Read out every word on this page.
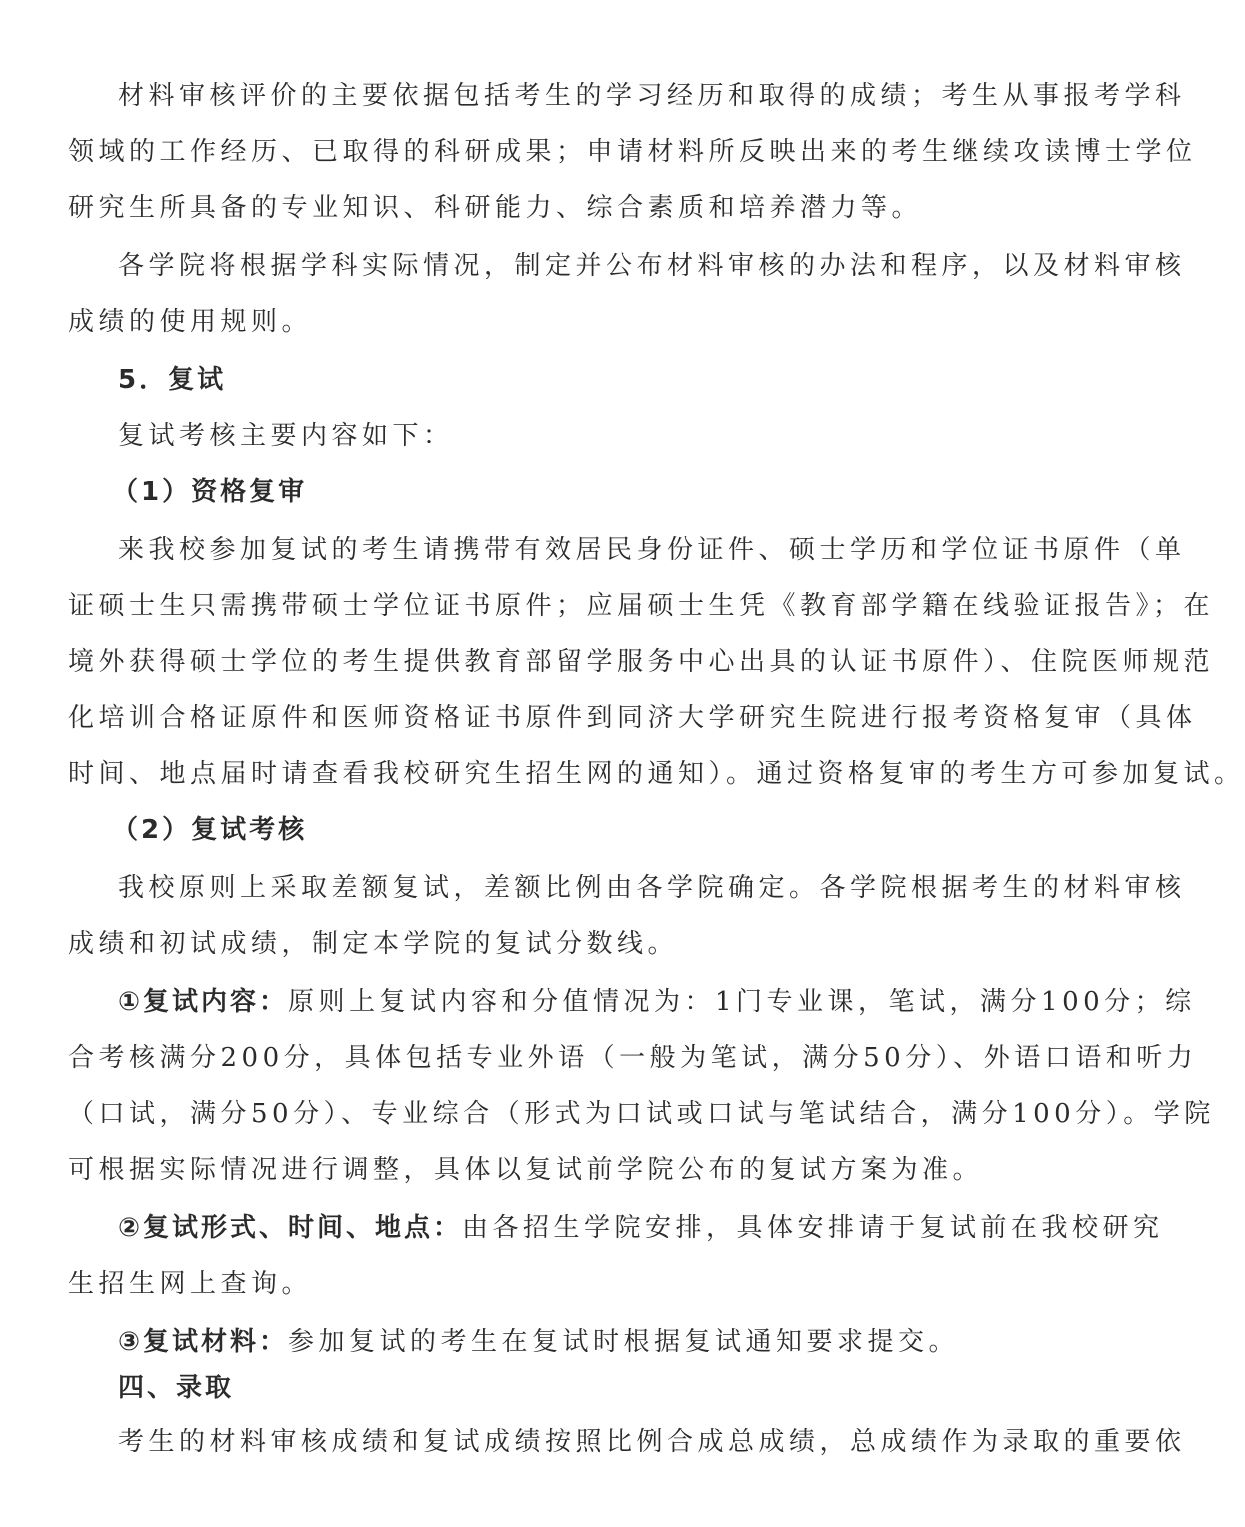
材料审核评价的主要依据包括考生的学习经历和取得的成绩；考生从事报考学科
领域的工作经历、已取得的科研成果；申请材料所反映出来的考生继续攻读博士学位
研究生所具备的专业知识、科研能力、综合素质和培养潜力等。
各学院将根据学科实际情况，制定并公布材料审核的办法和程序，以及材料审核
成绩的使用规则。
5．复试
复试考核主要内容如下：
（1）资格复审
来我校参加复试的考生请携带有效居民身份证件、硕士学历和学位证书原件（单
证硕士生只需携带硕士学位证书原件；应届硕士生凭《教育部学籍在线验证报告》；在
境外获得硕士学位的考生提供教育部留学服务中心出具的认证书原件）、住院医师规范
化培训合格证原件和医师资格证书原件到同济大学研究生院进行报考资格复审（具体
时间、地点届时请查看我校研究生招生网的通知）。通过资格复审的考生方可参加复试。
（2）复试考核
我校原则上采取差额复试，差额比例由各学院确定。各学院根据考生的材料审核
成绩和初试成绩，制定本学院的复试分数线。
①复试内容：原则上复试内容和分值情况为：1门专业课，笔试，满分100分；综
合考核满分200分，具体包括专业外语（一般为笔试，满分50分）、外语口语和听力
（口试，满分50分）、专业综合（形式为口试或口试与笔试结合，满分100分）。学院
可根据实际情况进行调整，具体以复试前学院公布的复试方案为准。
②复试形式、时间、地点：由各招生学院安排，具体安排请于复试前在我校研究
生招生网上查询。
③复试材料：参加复试的考生在复试时根据复试通知要求提交。
四、录取
考生的材料审核成绩和复试成绩按照比例合成总成绩，总成绩作为录取的重要依
